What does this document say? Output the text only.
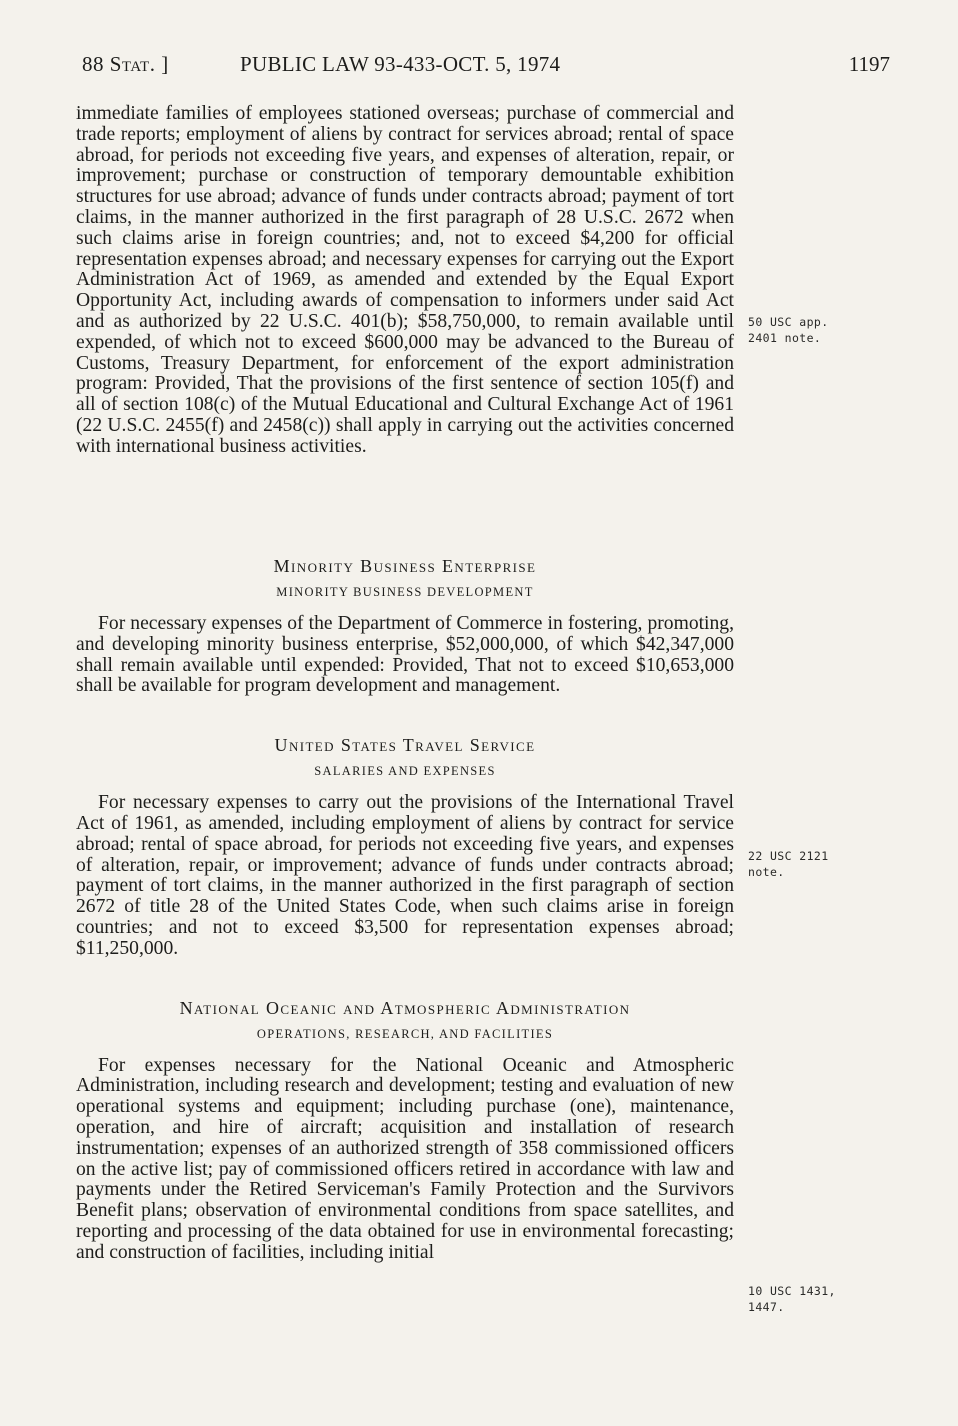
88 Stat. ]	PUBLIC LAW 93-433-OCT. 5, 1974	1197

immediate families of employees stationed overseas; purchase of commercial and trade reports; employment of aliens by contract for services abroad; rental of space abroad, for periods not exceeding five years, and expenses of alteration, repair, or improvement; purchase or construction of temporary demountable exhibition structures for use abroad; advance of funds under contracts abroad; payment of tort claims, in the manner authorized in the first paragraph of 28 U.S.C. 2672 when such claims arise in foreign countries; and, not to exceed $4,200 for official representation expenses abroad; and necessary expenses for carrying out the Export Administration Act of 1969, as amended and extended by the Equal Export Opportunity Act, including awards of compensation to informers under said Act and as authorized by 22 U.S.C. 401(b); $58,750,000, to remain available until expended, of which not to exceed $600,000 may be advanced to the Bureau of Customs, Treasury Department, for enforcement of the export administration program: Provided, That the provisions of the first sentence of section 105(f) and all of section 108(c) of the Mutual Educational and Cultural Exchange Act of 1961 (22 U.S.C. 2455(f) and 2458(c)) shall apply in carrying out the activities concerned with international business activities.

Minority Business Enterprise
MINORITY BUSINESS DEVELOPMENT

For necessary expenses of the Department of Commerce in fostering, promoting, and developing minority business enterprise, $52,000,000, of which $42,347,000 shall remain available until expended: Provided, That not to exceed $10,653,000 shall be available for program development and management.

United States Travel Service
SALARIES AND EXPENSES

For necessary expenses to carry out the provisions of the International Travel Act of 1961, as amended, including employment of aliens by contract for service abroad; rental of space abroad, for periods not exceeding five years, and expenses of alteration, repair, or improvement; advance of funds under contracts abroad; payment of tort claims, in the manner authorized in the first paragraph of section 2672 of title 28 of the United States Code, when such claims arise in foreign countries; and not to exceed $3,500 for representation expenses abroad; $11,250,000.

National Oceanic and Atmospheric Administration
OPERATIONS, RESEARCH, AND FACILITIES

For expenses necessary for the National Oceanic and Atmospheric Administration, including research and development; testing and evaluation of new operational systems and equipment; including purchase (one), maintenance, operation, and hire of aircraft; acquisition and installation of research instrumentation; expenses of an authorized strength of 358 commissioned officers on the active list; pay of commissioned officers retired in accordance with law and payments under the Retired Serviceman's Family Protection and the Survivors Benefit plans; observation of environmental conditions from space satellites, and reporting and processing of the data obtained for use in environmental forecasting; and construction of facilities, including initial

50 USC app.
2401 note.
22 USC 2121
note.
10 USC 1431,
1447.
